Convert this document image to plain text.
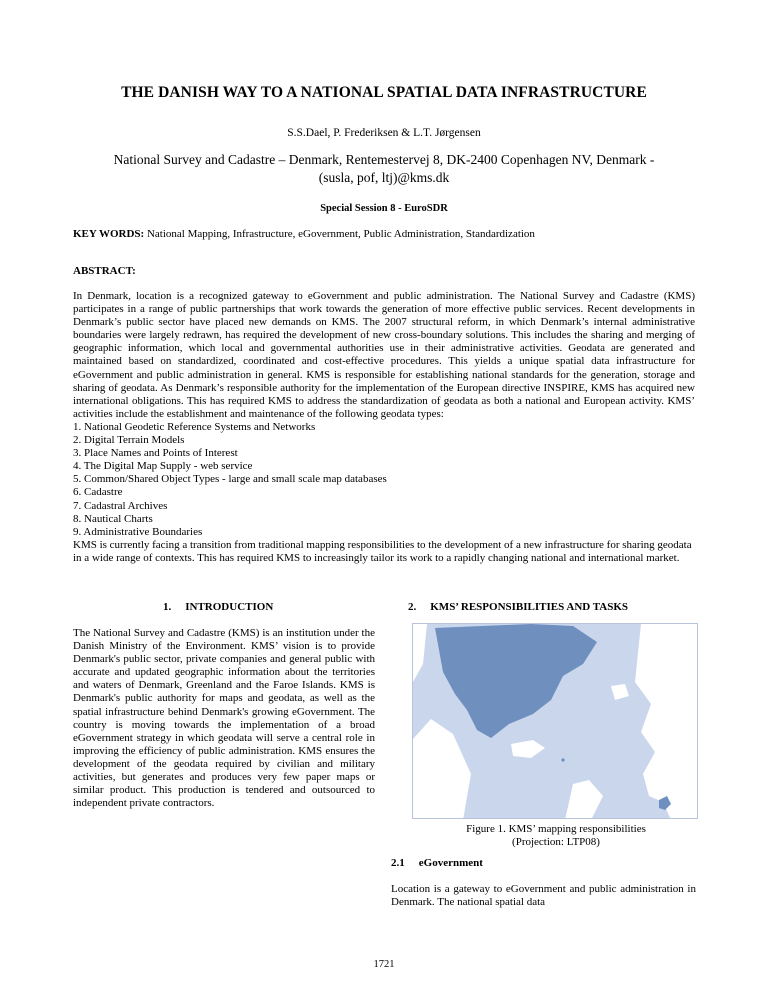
THE DANISH WAY TO A NATIONAL SPATIAL DATA INFRASTRUCTURE
S.S.Dael, P. Frederiksen & L.T. Jørgensen
National Survey and Cadastre – Denmark, Rentemestervej 8, DK-2400 Copenhagen NV, Denmark - (susla, pof, ltj)@kms.dk
Special Session 8 - EuroSDR
KEY WORDS: National Mapping, Infrastructure, eGovernment, Public Administration, Standardization
ABSTRACT:

In Denmark, location is a recognized gateway to eGovernment and public administration. The National Survey and Cadastre (KMS) participates in a range of public partnerships that work towards the generation of more effective public services. Recent developments in Denmark’s public sector have placed new demands on KMS. The 2007 structural reform, in which Denmark’s internal administrative boundaries were largely redrawn, has required the development of new cross-boundary solutions. This includes the sharing and merging of geographic information, which local and governmental authorities use in their administrative activities. Geodata are generated and maintained based on standardized, coordinated and cost-effective procedures. This yields a unique spatial data infrastructure for eGovernment and public administration in general. KMS is responsible for establishing national standards for the generation, storage and sharing of geodata. As Denmark’s responsible authority for the implementation of the European directive INSPIRE, KMS has acquired new international obligations. This has required KMS to address the standardization of geodata as both a national and European activity. KMS’ activities include the establishment and maintenance of the following geodata types:

1. National Geodetic Reference Systems and Networks

2. Digital Terrain Models

3. Place Names and Points of Interest

4. The Digital Map Supply - web service

5. Common/Shared Object Types - large and small scale map databases

6. Cadastre

7. Cadastral Archives

8. Nautical Charts

9. Administrative Boundaries

KMS is currently facing a transition from traditional mapping responsibilities to the development of a new infrastructure for sharing geodata in a wide range of contexts. This has required KMS to increasingly tailor its work to a rapidly changing national and international market.

1. INTRODUCTION	2. KMS’ RESPONSIBILITIES AND TASKS
The National Survey and Cadastre (KMS) is an institution under the Danish Ministry of the Environment. KMS’ vision is to provide Denmark's public sector, private companies and general public with accurate and updated geographic information about the territories and waters of Denmark, Greenland and the Faroe Islands. KMS is Denmark's public authority for maps and geodata, as well as the spatial infrastructure behind Denmark's growing eGovernment. The country is moving towards the implementation of a broad eGovernment strategy in which geodata will serve a central role in improving the efficiency of public administration. KMS ensures the development of the geodata required by civilian and military activities, but generates and produces very few paper maps or similar product. This production is tendered and outsourced to independent private contractors.
Figure 1. KMS’ mapping responsibilities
(Projection: LTP08)
2.1 eGovernment
Location is a gateway to eGovernment and public administration in Denmark. The national spatial data
1721
